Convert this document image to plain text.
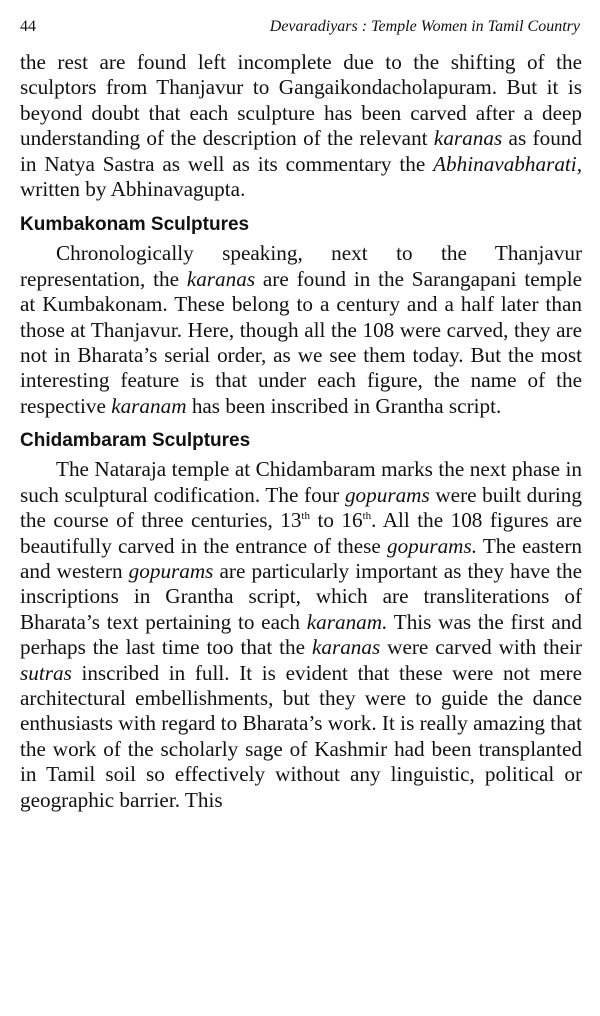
44	Devaradiyars : Temple Women in Tamil Country

the rest are found left incomplete due to the shifting of the sculptors from Thanjavur to Gangaikondacholapuram. But it is beyond doubt that each sculpture has been carved after a deep understanding of the description of the relevant karanas as found in Natya Sastra as well as its commentary the Abhinavabharati, written by Abhinavagupta.

Kumbakonam Sculptures

Chronologically speaking, next to the Thanjavur representation, the karanas are found in the Sarangapani temple at Kumbakonam. These belong to a century and a half later than those at Thanjavur. Here, though all the 108 were carved, they are not in Bharata’s serial order, as we see them today. But the most interesting feature is that under each figure, the name of the respective karanam has been inscribed in Grantha script.

Chidambaram Sculptures

The Nataraja temple at Chidambaram marks the next phase in such sculptural codification. The four gopurams were built during the course of three centuries, 13th to 16th. All the 108 figures are beautifully carved in the entrance of these gopurams. The eastern and western gopurams are particularly important as they have the inscriptions in Grantha script, which are transliterations of Bharata’s text pertaining to each karanam. This was the first and perhaps the last time too that the karanas were carved with their sutras inscribed in full. It is evident that these were not mere architectural embellishments, but they were to guide the dance enthusiasts with regard to Bharata’s work. It is really amazing that the work of the scholarly sage of Kashmir had been transplanted in Tamil soil so effectively without any linguistic, political or geographic barrier. This
